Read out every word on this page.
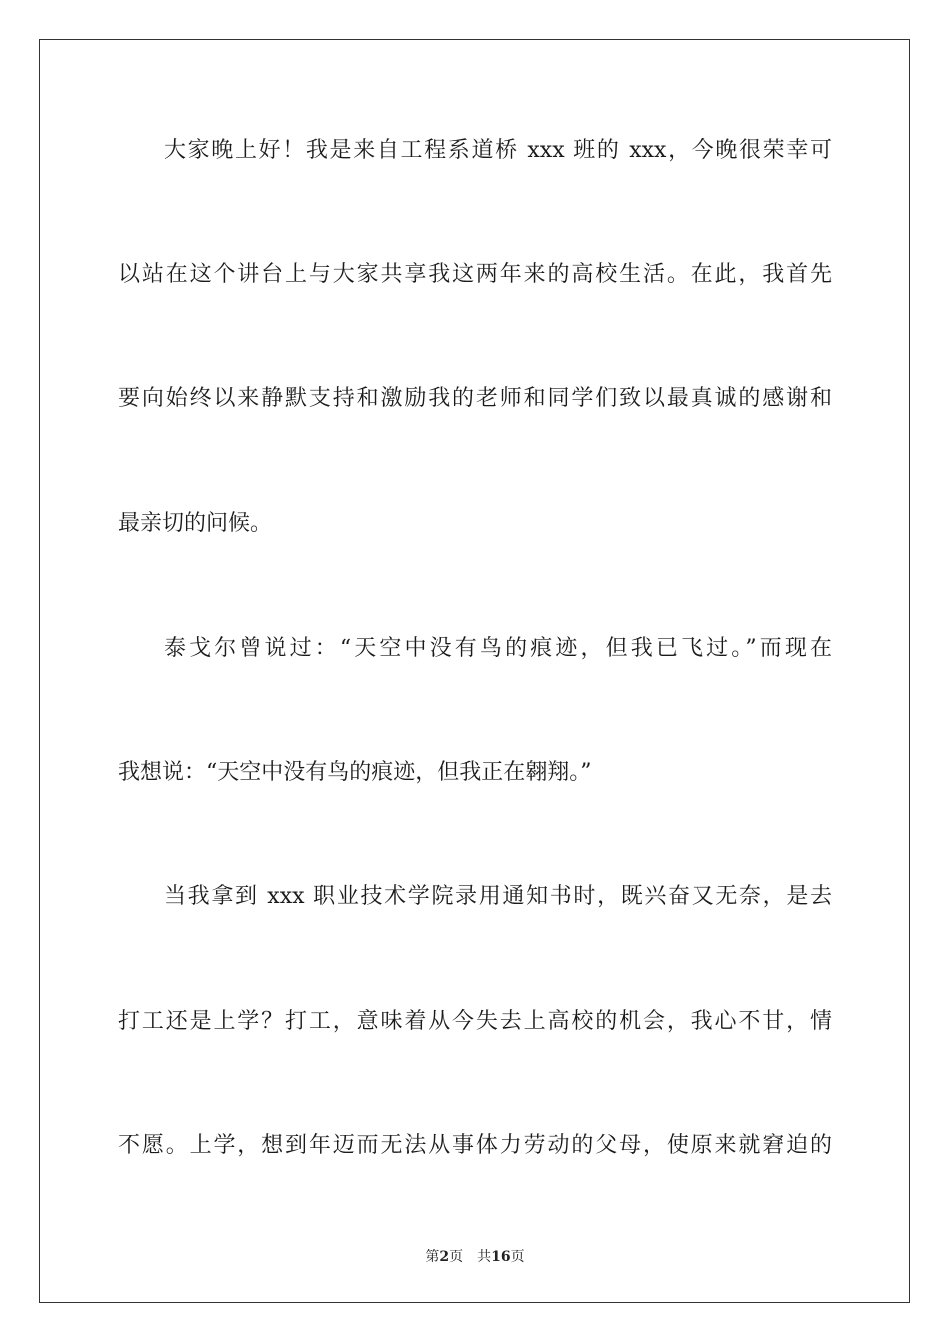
大家晚上好！我是来自工程系道桥 xxx 班的 xxx，今晚很荣幸可
以站在这个讲台上与大家共享我这两年来的高校生活。在此，我首先
要向始终以来静默支持和激励我的老师和同学们致以最真诚的感谢和
最亲切的问候。
泰戈尔曾说过：“天空中没有鸟的痕迹，但我已飞过。”而现在
我想说：“天空中没有鸟的痕迹，但我正在翱翔。”
当我拿到 xxx 职业技术学院录用通知书时，既兴奋又无奈，是去
打工还是上学？打工，意味着从今失去上高校的机会，我心不甘，情
不愿。上学，想到年迈而无法从事体力劳动的父母，使原来就窘迫的
第2页 共16页
